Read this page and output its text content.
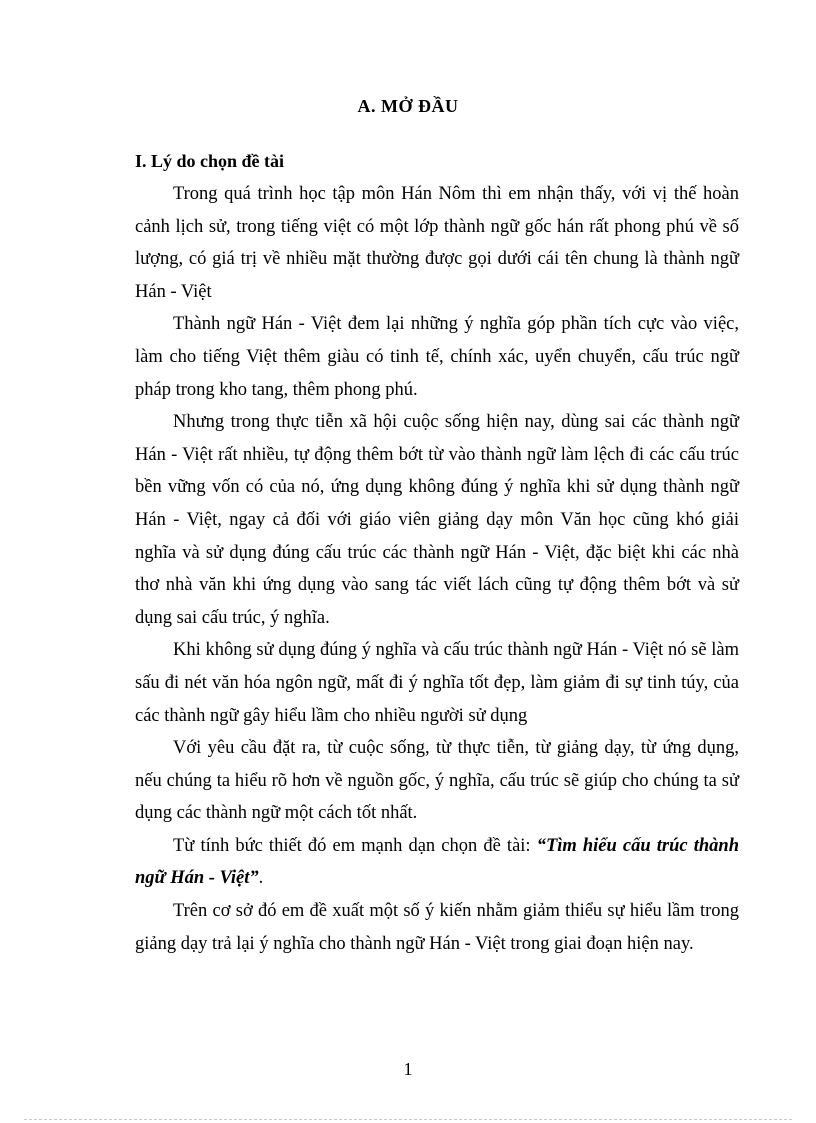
A. MỞ ĐẦU
I. Lý do chọn đề tài

Trong quá trình học tập môn Hán Nôm thì em nhận thấy, với vị thế hoàn cảnh lịch sử, trong tiếng việt có một lớp thành ngữ gốc hán rất phong phú về số lượng, có giá trị về nhiều mặt thường được gọi dưới cái tên chung là thành ngữ Hán - Việt

Thành ngữ Hán - Việt đem lại những ý nghĩa góp phần tích cực vào việc, làm cho tiếng Việt thêm giàu có tinh tế, chính xác, uyển chuyển, cấu trúc ngữ pháp trong kho tang, thêm phong phú.

Nhưng trong thực tiễn xã hội cuộc sống hiện nay, dùng sai các thành ngữ Hán - Việt rất nhiều, tự động thêm bớt từ vào thành ngữ làm lệch đi các cấu trúc bền vững vốn có của nó, ứng dụng không đúng ý nghĩa khi sử dụng thành ngữ Hán - Việt, ngay cả đối với giáo viên giảng dạy môn Văn học cũng khó giải nghĩa và sử dụng đúng cấu trúc các thành ngữ Hán - Việt, đặc biệt khi các nhà thơ nhà văn khi ứng dụng vào sang tác viết lách cũng tự động thêm bớt và sử dụng sai cấu trúc, ý nghĩa.

Khi không sử dụng đúng ý nghĩa và cấu trúc thành ngữ Hán - Việt nó sẽ làm sấu đi nét văn hóa ngôn ngữ, mất đi ý nghĩa tốt đẹp, làm giảm đi sự tinh túy, của các thành ngữ gây hiểu lầm cho nhiều người sử dụng

Với yêu cầu đặt ra, từ cuộc sống, từ thực tiễn, từ giảng dạy, từ ứng dụng, nếu chúng ta hiểu rõ hơn về nguồn gốc, ý nghĩa, cấu trúc sẽ giúp cho chúng ta sử dụng các thành ngữ một cách tốt nhất.

Từ tính bức thiết đó em mạnh dạn chọn đề tài: “Tìm hiểu cấu trúc thành ngữ Hán - Việt”.

Trên cơ sở đó em đề xuất một số ý kiến nhằm giảm thiểu sự hiểu lầm trong giảng dạy trả lại ý nghĩa cho thành ngữ Hán - Việt trong giai đoạn hiện nay.

1
